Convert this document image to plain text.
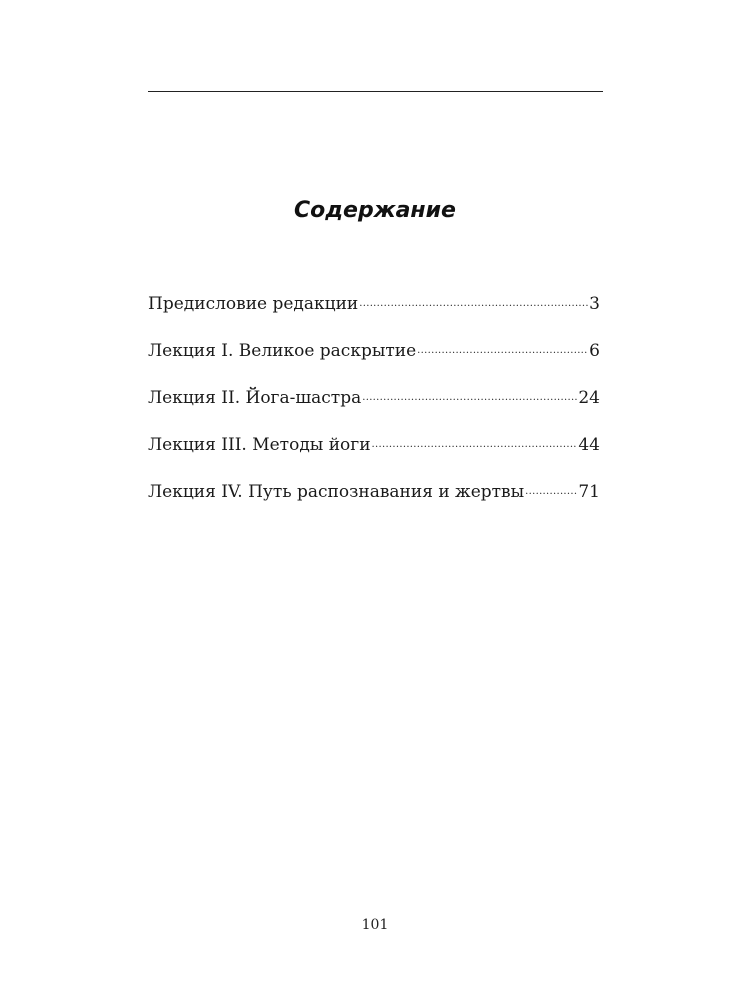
Содержание
Предисловие редакции .....	3
Лекция I. Великое раскрытие .....	6
Лекция II. Йога-шастра .....	24
Лекция III. Методы йоги .....	44
Лекция IV. Путь распознавания и жертвы .....	71
101
